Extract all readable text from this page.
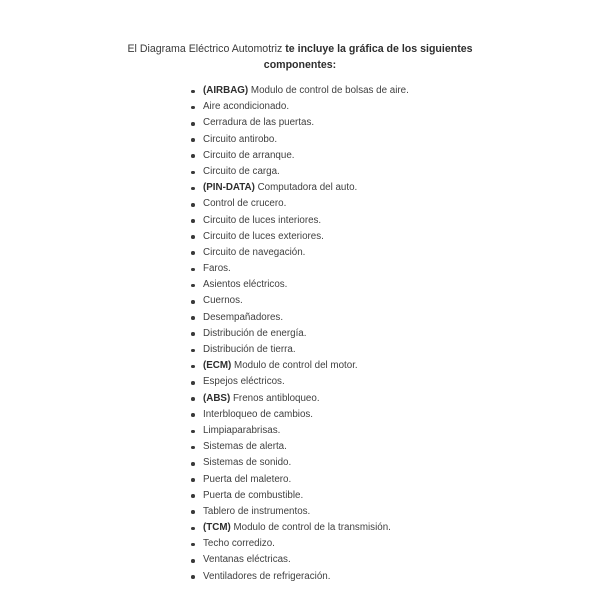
El Diagrama Eléctrico Automotriz te incluye la gráfica de los siguientes
componentes:
(AIRBAG) Modulo de control de bolsas de aire.
Aire acondicionado.
Cerradura de las puertas.
Circuito antirobo.
Circuito de arranque.
Circuito de carga.
(PIN-DATA) Computadora del auto.
Control de crucero.
Circuito de luces interiores.
Circuito de luces exteriores.
Circuito de navegación.
Faros.
Asientos eléctricos.
Cuernos.
Desempañadores.
Distribución de energía.
Distribución de tierra.
(ECM) Modulo de control del motor.
Espejos eléctricos.
(ABS) Frenos antibloqueo.
Interbloqueo de cambios.
Limpiaparabrisas.
Sistemas de alerta.
Sistemas de sonido.
Puerta del maletero.
Puerta de combustible.
Tablero de instrumentos.
(TCM) Modulo de control de la transmisión.
Techo corredizo.
Ventanas eléctricas.
Ventiladores de refrigeración.
